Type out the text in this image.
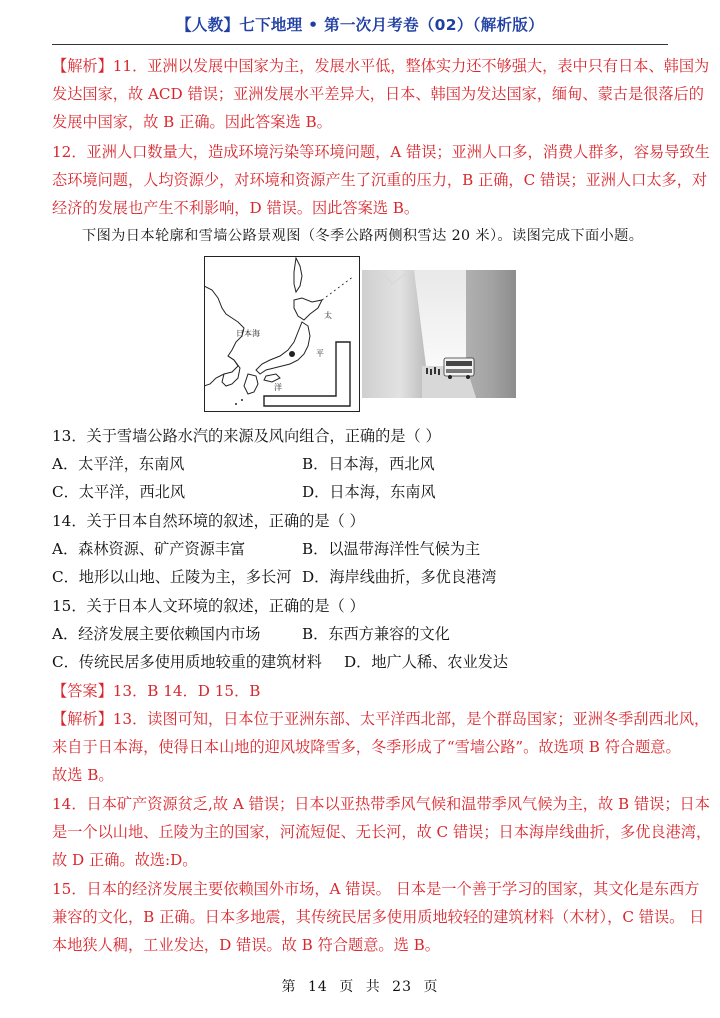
【人教】七下地理 • 第一次月考卷（02）（解析版）
【解析】11．亚洲以发展中国家为主，发展水平低，整体实力还不够强大，表中只有日本、韩国为
发达国家，故 ACD 错误；亚洲发展水平差异大，日本、韩国为发达国家，缅甸、蒙古是很落后的
发展中国家，故 B 正确。因此答案选 B。
12．亚洲人口数量大，造成环境污染等环境问题，A 错误；亚洲人口多，消费人群多，容易导致生
态环境问题，人均资源少，对环境和资源产生了沉重的压力，B 正确，C 错误；亚洲人口太多，对
经济的发展也产生不利影响，D 错误。因此答案选 B。
下图为日本轮廓和雪墙公路景观图（冬季公路两侧积雪达 20 米）。读图完成下面小题。
日本海
太
平
洋
13．关于雪墙公路水汽的来源及风向组合，正确的是（ ）
A．太平洋，东南风	B．日本海，西北风
C．太平洋，西北风	D．日本海，东南风
14．关于日本自然环境的叙述，正确的是（ ）
A．森林资源、矿产资源丰富	B．以温带海洋性气候为主
C．地形以山地、丘陵为主，多长河 D．海岸线曲折，多优良港湾
15．关于日本人文环境的叙述，正确的是（ ）
A．经济发展主要依赖国内市场	B．东西方兼容的文化
C．传统民居多使用质地较重的建筑材料 D．地广人稀、农业发达
【答案】13．B 14．D 15．B
【解析】13．读图可知，日本位于亚洲东部、太平洋西北部，是个群岛国家；亚洲冬季刮西北风，
来自于日本海，使得日本山地的迎风坡降雪多，冬季形成了“雪墙公路”。故选项 B 符合题意。
故选 B。
14．日本矿产资源贫乏,故 A 错误；日本以亚热带季风气候和温带季风气候为主，故 B 错误；日本
是一个以山地、丘陵为主的国家，河流短促、无长河，故 C 错误；日本海岸线曲折，多优良港湾，
故 D 正确。故选:D。
15．日本的经济发展主要依赖国外市场，A 错误。 日本是一个善于学习的国家，其文化是东西方
兼容的文化，B 正确。日本多地震，其传统民居多使用质地较轻的建筑材料（木材），C 错误。 日
本地狭人稠，工业发达，D 错误。故 B 符合题意。选 B。
第 14 页 共 23 页
